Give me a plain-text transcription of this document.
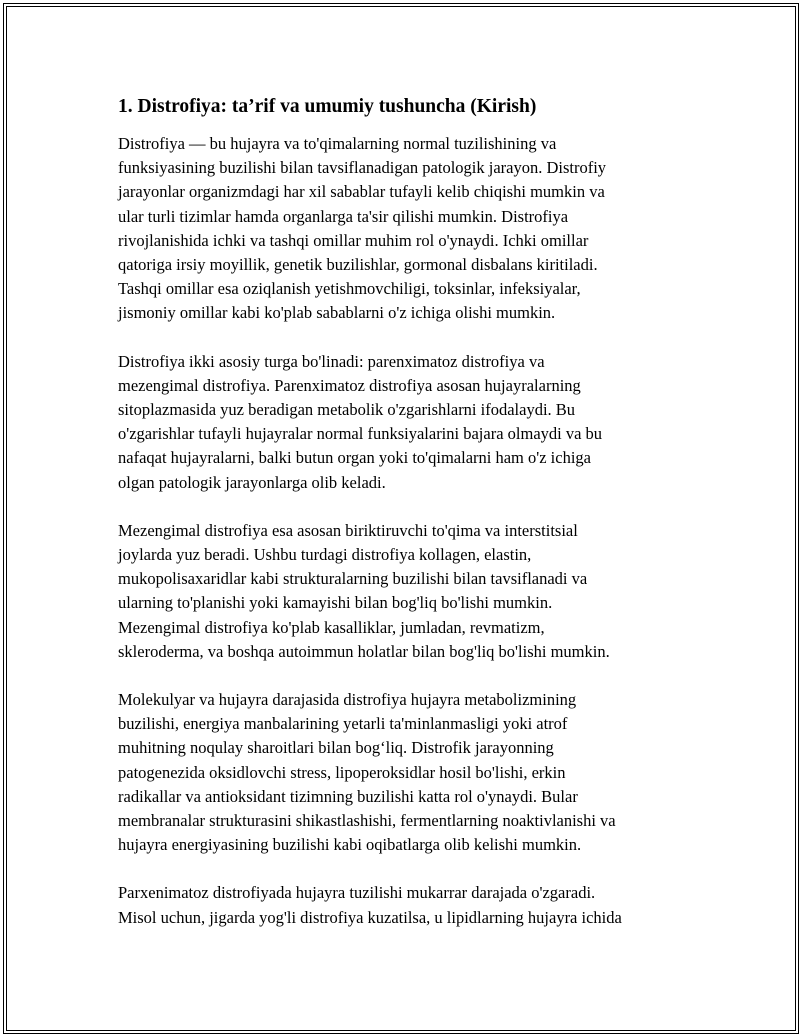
1. Distrofiya: ta’rif va umumiy tushuncha (Kirish)

Distrofiya — bu hujayra va to'qimalarning normal tuzilishining va
funksiyasining buzilishi bilan tavsiflanadigan patologik jarayon. Distrofiy
jarayonlar organizmdagi har xil sabablar tufayli kelib chiqishi mumkin va
ular turli tizimlar hamda organlarga ta'sir qilishi mumkin. Distrofiya
rivojlanishida ichki va tashqi omillar muhim rol o'ynaydi. Ichki omillar
qatoriga irsiy moyillik, genetik buzilishlar, gormonal disbalans kiritiladi.
Tashqi omillar esa oziqlanish yetishmovchiligi, toksinlar, infeksiyalar,
jismoniy omillar kabi ko'plab sabablarni o'z ichiga olishi mumkin.

Distrofiya ikki asosiy turga bo'linadi: parenximatoz distrofiya va
mezengimal distrofiya. Parenximatoz distrofiya asosan hujayralarning
sitoplazmasida yuz beradigan metabolik o'zgarishlarni ifodalaydi. Bu
o'zgarishlar tufayli hujayralar normal funksiyalarini bajara olmaydi va bu
nafaqat hujayralarni, balki butun organ yoki to'qimalarni ham o'z ichiga
olgan patologik jarayonlarga olib keladi.

Mezengimal distrofiya esa asosan biriktiruvchi to'qima va interstitsial
joylarda yuz beradi. Ushbu turdagi distrofiya kollagen, elastin,
mukopolisaxaridlar kabi strukturalarning buzilishi bilan tavsiflanadi va
ularning to'planishi yoki kamayishi bilan bog'liq bo'lishi mumkin.
Mezengimal distrofiya ko'plab kasalliklar, jumladan, revmatizm,
skleroderma, va boshqa autoimmun holatlar bilan bog'liq bo'lishi mumkin.

Molekulyar va hujayra darajasida distrofiya hujayra metabolizmining
buzilishi, energiya manbalarining yetarli ta'minlanmasligi yoki atrof
muhitning noqulay sharoitlari bilan bog‘liq. Distrofik jarayonning
patogenezida oksidlovchi stress, lipoperoksidlar hosil bo'lishi, erkin
radikallar va antioksidant tizimning buzilishi katta rol o'ynaydi. Bular
membranalar strukturasini shikastlashishi, fermentlarning noaktivlanishi va
hujayra energiyasining buzilishi kabi oqibatlarga olib kelishi mumkin.

Parxenimatoz distrofiyada hujayra tuzilishi mukarrar darajada o'zgaradi.
Misol uchun, jigarda yog'li distrofiya kuzatilsa, u lipidlarning hujayra ichida
